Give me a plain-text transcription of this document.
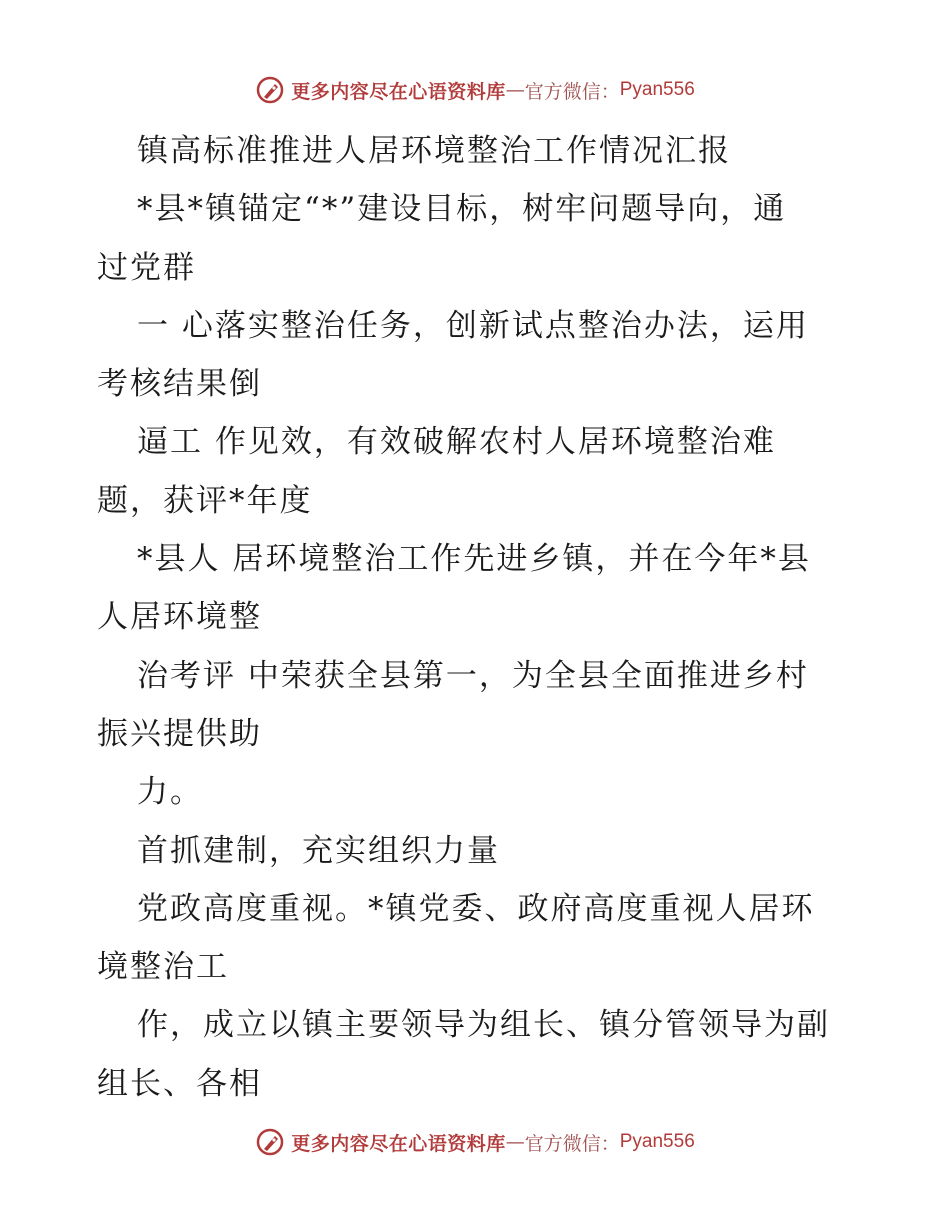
更多内容尽在心语资料库 — 官方微信： Pyan556
镇高标准推进人居环境整治工作情况汇报
*县*镇锚定“*”建设目标，树牢问题导向，通
过党群
一 心落实整治任务，创新试点整治办法，运用
考核结果倒
逼工 作见效，有效破解农村人居环境整治难
题，获评*年度
*县人 居环境整治工作先进乡镇，并在今年*县
人居环境整
治考评 中荣获全县第一，为全县全面推进乡村
振兴提供助
力。
首抓建制，充实组织力量
党政高度重视。*镇党委、政府高度重视人居环
境整治工
作，成立以镇主要领导为组长、镇分管领导为副
组长、各相
更多内容尽在心语资料库 — 官方微信： Pyan556
